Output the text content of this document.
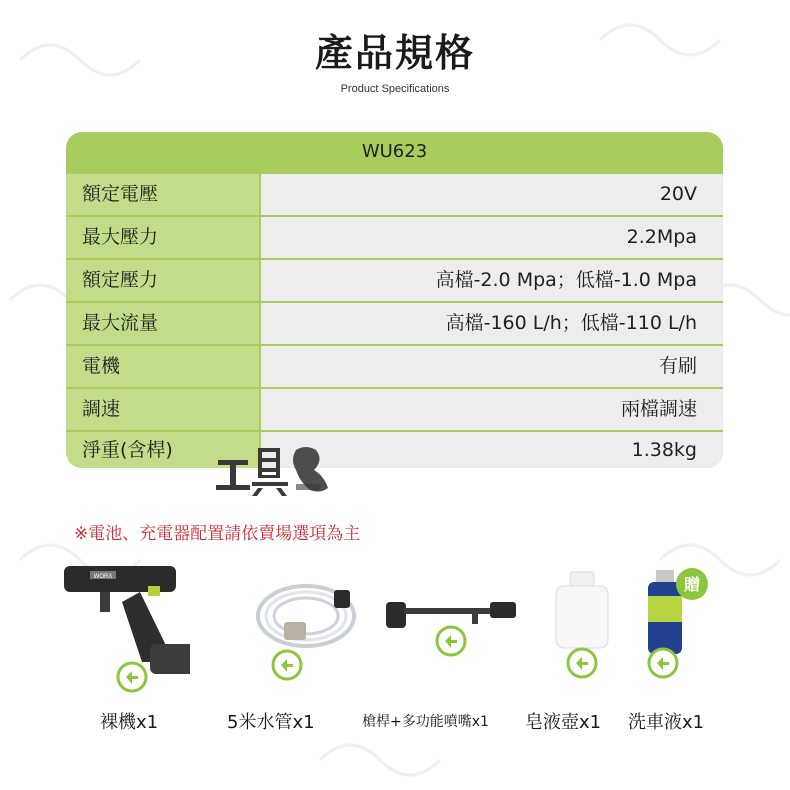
產品規格
Product Specifications
WU623
額定電壓	20V
最大壓力	2.2Mpa
額定壓力	高檔-2.0 Mpa；低檔-1.0 Mpa
最大流量	高檔-160 L/h；低檔-110 L/h
電機	有刷
調速	兩檔調速
淨重(含桿)	1.38kg
※電池、充電器配置請依賣場選項為主
WORX	贈
裸機x1	5米水管x1	槍桿+多功能噴嘴x1 皂液壺x1 洗車液x1
